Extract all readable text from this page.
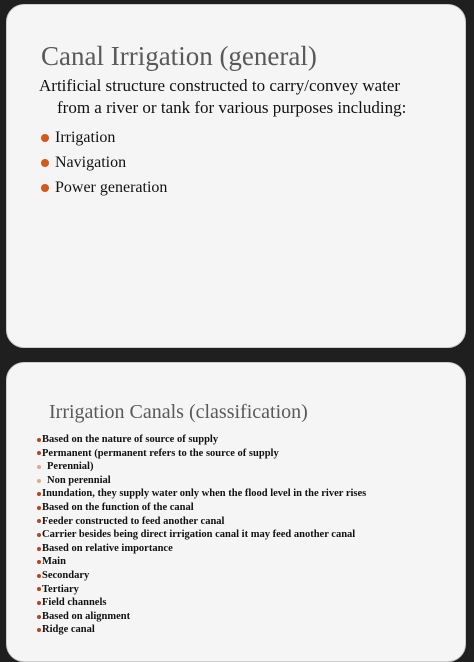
Canal Irrigation (general)
Artificial structure constructed to carry/convey water
from a river or tank for various purposes including:
Irrigation
Navigation
Power generation
Irrigation Canals (classification)
Based on the nature of source of supply
Permanent (permanent refers to the source of supply
Perennial)
Non perennial
Inundation, they supply water only when the flood level in the river rises
Based on the function of the canal
Feeder constructed to feed another canal
Carrier besides being direct irrigation canal it may feed another canal
Based on relative importance
Main
Secondary
Tertiary
Field channels
Based on alignment
Ridge canal
